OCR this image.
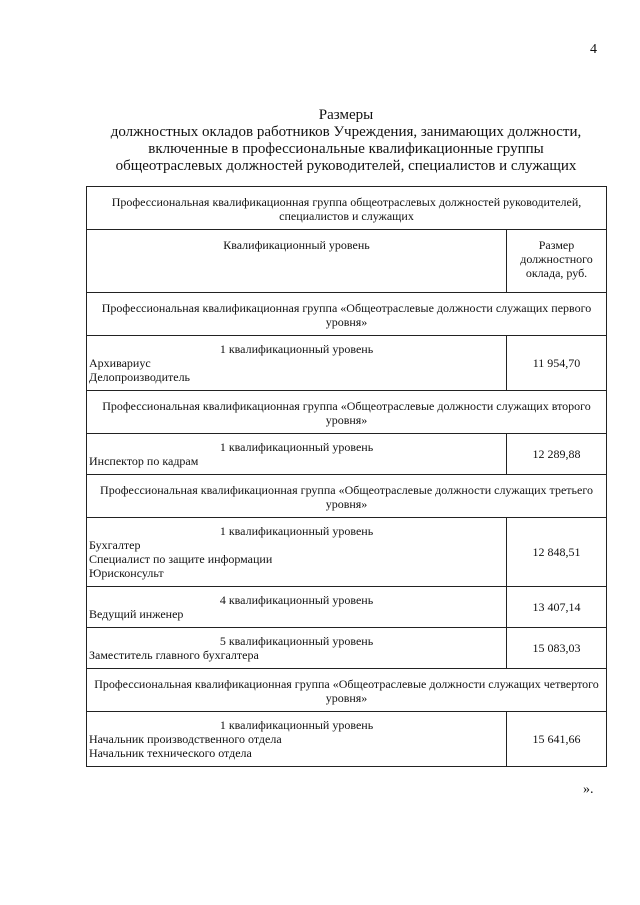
4
Размеры
должностных окладов работников Учреждения, занимающих должности,
включенные в профессиональные квалификационные группы
общеотраслевых должностей руководителей, специалистов и служащих
Профессиональная квалификационная группа общеотраслевых должностей руководителей, специалистов и служащих	
Квалификационный уровень	Размер должностного оклада, руб.
Профессиональная квалификационная группа «Общеотраслевые должности служащих первого уровня»	

1 квалификационный уровень
Архивариус
Делопроизводитель	11 954,70
Профессиональная квалификационная группа «Общеотраслевые должности служащих второго уровня»	

1 квалификационный уровень
Инспектор по кадрам	12 289,88
Профессиональная квалификационная группа «Общеотраслевые должности служащих третьего уровня»	

1 квалификационный уровень
Бухгалтер
Специалист по защите информации
Юрисконсульт	12 848,51

4 квалификационный уровень
Ведущий инженер	13 407,14

5 квалификационный уровень
Заместитель главного бухгалтера	15 083,03
Профессиональная квалификационная группа «Общеотраслевые должности служащих четвертого уровня»	

1 квалификационный уровень
Начальник производственного отдела
Начальник технического отдела	15 641,66
».
